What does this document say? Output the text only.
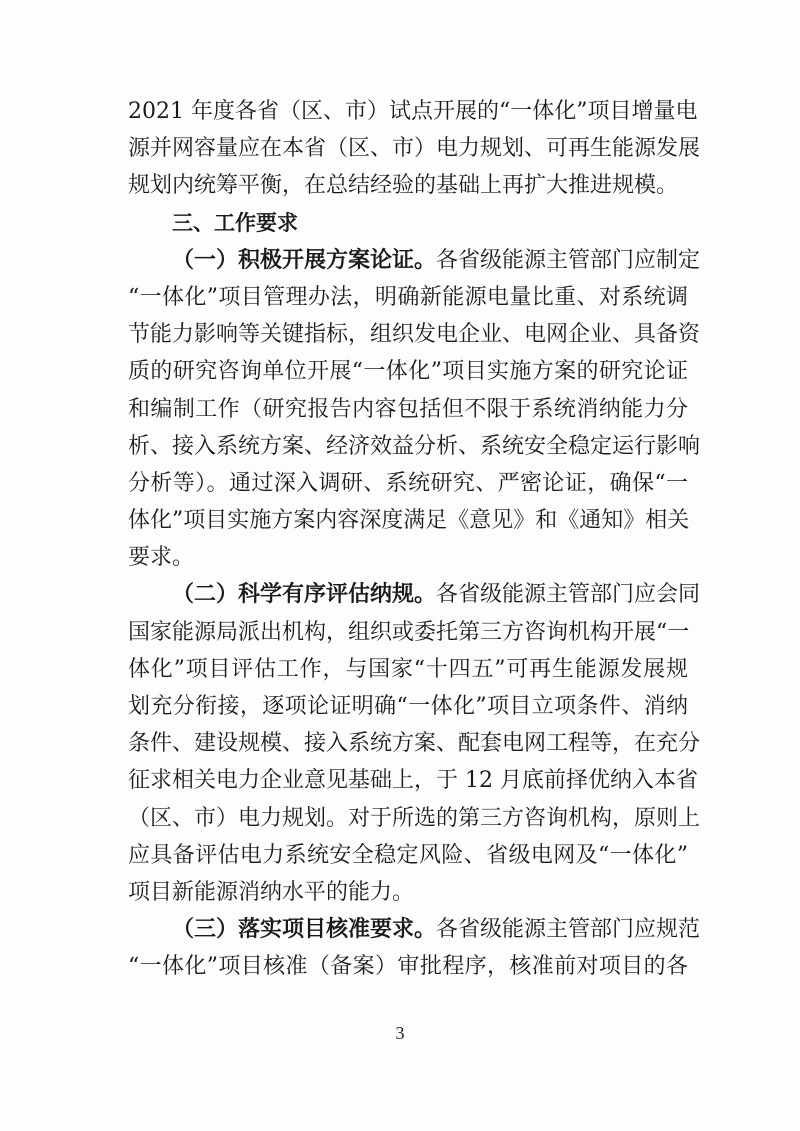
2021 年度各省（区、市）试点开展的“一体化”项目增量电
源并网容量应在本省（区、市）电力规划、可再生能源发展
规划内统筹平衡，在总结经验的基础上再扩大推进规模。
三、工作要求
（一）积极开展方案论证。各省级能源主管部门应制定
“一体化”项目管理办法，明确新能源电量比重、对系统调
节能力影响等关键指标，组织发电企业、电网企业、具备资
质的研究咨询单位开展“一体化”项目实施方案的研究论证
和编制工作（研究报告内容包括但不限于系统消纳能力分
析、接入系统方案、经济效益分析、系统安全稳定运行影响
分析等）。通过深入调研、系统研究、严密论证，确保“一
体化”项目实施方案内容深度满足《意见》和《通知》相关
要求。
（二）科学有序评估纳规。各省级能源主管部门应会同
国家能源局派出机构，组织或委托第三方咨询机构开展“一
体化”项目评估工作，与国家“十四五”可再生能源发展规
划充分衔接，逐项论证明确“一体化”项目立项条件、消纳
条件、建设规模、接入系统方案、配套电网工程等，在充分
征求相关电力企业意见基础上，于 12 月底前择优纳入本省
（区、市）电力规划。对于所选的第三方咨询机构，原则上
应具备评估电力系统安全稳定风险、省级电网及“一体化”
项目新能源消纳水平的能力。
（三）落实项目核准要求。各省级能源主管部门应规范
“一体化”项目核准（备案）审批程序，核准前对项目的各
3
